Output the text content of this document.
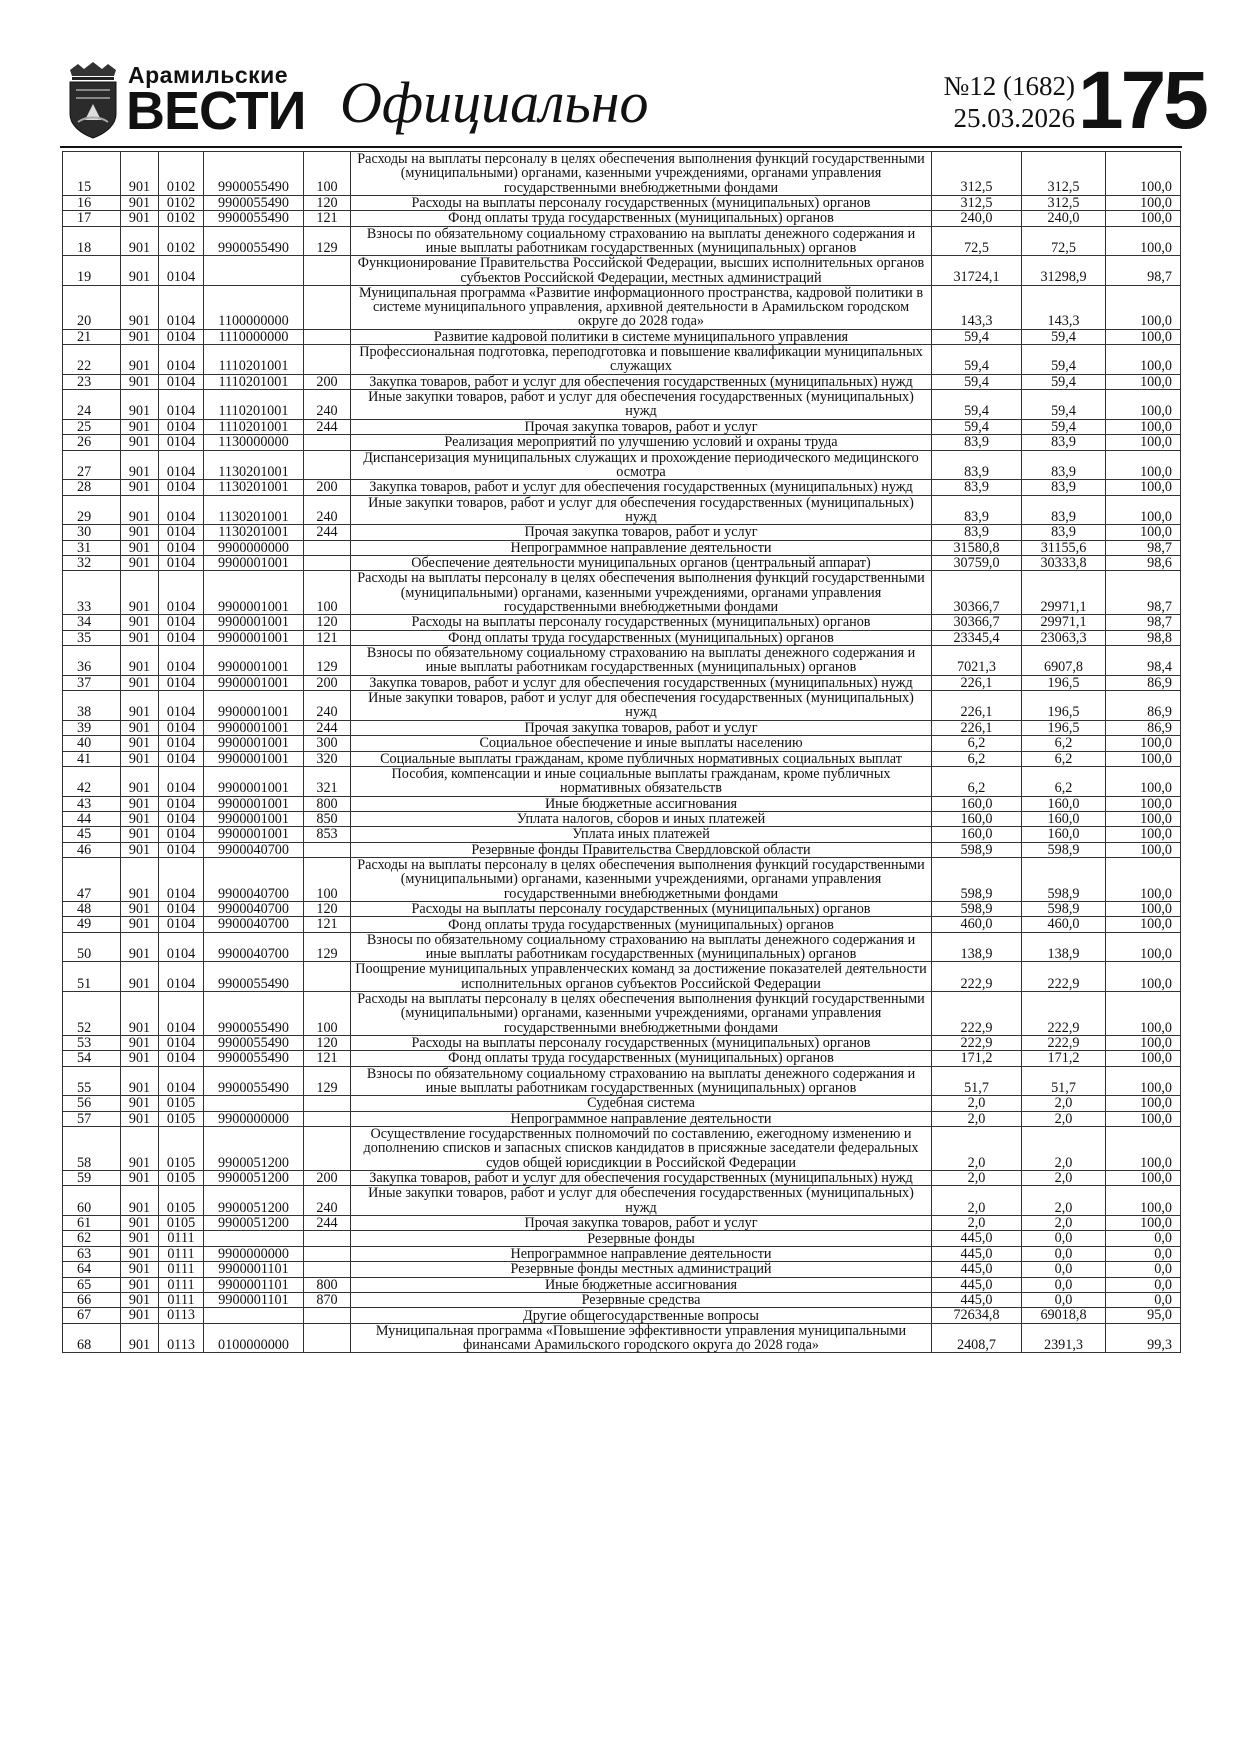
Арамильские
ВЕСТИ Официально	№12 (1682)
25.03.2026 175
15	901	0102	9900055490	100	Расходы на выплаты персоналу в целях обеспечения выполнения функций государственными (муниципальными) органами, казенными учреждениями, органами управления государственными внебюджетными фондами	312,5	312,5	100,0
16	901	0102	9900055490	120	Расходы на выплаты персоналу государственных (муниципальных) органов	312,5	312,5	100,0
17	901	0102	9900055490	121	Фонд оплаты труда государственных (муниципальных) органов	240,0	240,0	100,0
18	901	0102	9900055490	129	Взносы по обязательному социальному страхованию на выплаты денежного содержания и иные выплаты работникам государственных (муниципальных) органов	72,5	72,5	100,0
19	901	0104			Функционирование Правительства Российской Федерации, высших исполнительных органов субъектов Российской Федерации, местных администраций	31724,1	31298,9	98,7
20	901	0104	1100000000		Муниципальная программа «Развитие информационного пространства, кадровой политики в системе муниципального управления, архивной деятельности в Арамильском городском округе до 2028 года»	143,3	143,3	100,0
21	901	0104	1110000000		Развитие кадровой политики в системе муниципального управления	59,4	59,4	100,0
22	901	0104	1110201001		Профессиональная подготовка, переподготовка и повышение квалификации муниципальных служащих	59,4	59,4	100,0
23	901	0104	1110201001	200	Закупка товаров, работ и услуг для обеспечения государственных (муниципальных) нужд	59,4	59,4	100,0
24	901	0104	1110201001	240	Иные закупки товаров, работ и услуг для обеспечения государственных (муниципальных) нужд	59,4	59,4	100,0
25	901	0104	1110201001	244	Прочая закупка товаров, работ и услуг	59,4	59,4	100,0
26	901	0104	1130000000		Реализация мероприятий по улучшению условий и охраны труда	83,9	83,9	100,0
27	901	0104	1130201001		Диспансеризация муниципальных служащих и прохождение периодического медицинского осмотра	83,9	83,9	100,0
28	901	0104	1130201001	200	Закупка товаров, работ и услуг для обеспечения государственных (муниципальных) нужд	83,9	83,9	100,0
29	901	0104	1130201001	240	Иные закупки товаров, работ и услуг для обеспечения государственных (муниципальных) нужд	83,9	83,9	100,0
30	901	0104	1130201001	244	Прочая закупка товаров, работ и услуг	83,9	83,9	100,0
31	901	0104	9900000000		Непрограммное направление деятельности	31580,8	31155,6	98,7
32	901	0104	9900001001		Обеспечение деятельности муниципальных органов (центральный аппарат)	30759,0	30333,8	98,6
33	901	0104	9900001001	100	Расходы на выплаты персоналу в целях обеспечения выполнения функций государственными (муниципальными) органами, казенными учреждениями, органами управления государственными внебюджетными фондами	30366,7	29971,1	98,7
34	901	0104	9900001001	120	Расходы на выплаты персоналу государственных (муниципальных) органов	30366,7	29971,1	98,7
35	901	0104	9900001001	121	Фонд оплаты труда государственных (муниципальных) органов	23345,4	23063,3	98,8
36	901	0104	9900001001	129	Взносы по обязательному социальному страхованию на выплаты денежного содержания и иные выплаты работникам государственных (муниципальных) органов	7021,3	6907,8	98,4
37	901	0104	9900001001	200	Закупка товаров, работ и услуг для обеспечения государственных (муниципальных) нужд	226,1	196,5	86,9
38	901	0104	9900001001	240	Иные закупки товаров, работ и услуг для обеспечения государственных (муниципальных) нужд	226,1	196,5	86,9
39	901	0104	9900001001	244	Прочая закупка товаров, работ и услуг	226,1	196,5	86,9
40	901	0104	9900001001	300	Социальное обеспечение и иные выплаты населению	6,2	6,2	100,0
41	901	0104	9900001001	320	Социальные выплаты гражданам, кроме публичных нормативных социальных выплат	6,2	6,2	100,0
42	901	0104	9900001001	321	Пособия, компенсации и иные социальные выплаты гражданам, кроме публичных нормативных обязательств	6,2	6,2	100,0
43	901	0104	9900001001	800	Иные бюджетные ассигнования	160,0	160,0	100,0
44	901	0104	9900001001	850	Уплата налогов, сборов и иных платежей	160,0	160,0	100,0
45	901	0104	9900001001	853	Уплата иных платежей	160,0	160,0	100,0
46	901	0104	9900040700		Резервные фонды Правительства Свердловской области	598,9	598,9	100,0
47	901	0104	9900040700	100	Расходы на выплаты персоналу в целях обеспечения выполнения функций государственными (муниципальными) органами, казенными учреждениями, органами управления государственными внебюджетными фондами	598,9	598,9	100,0
48	901	0104	9900040700	120	Расходы на выплаты персоналу государственных (муниципальных) органов	598,9	598,9	100,0
49	901	0104	9900040700	121	Фонд оплаты труда государственных (муниципальных) органов	460,0	460,0	100,0
50	901	0104	9900040700	129	Взносы по обязательному социальному страхованию на выплаты денежного содержания и иные выплаты работникам государственных (муниципальных) органов	138,9	138,9	100,0
51	901	0104	9900055490		Поощрение муниципальных управленческих команд за достижение показателей деятельности исполнительных органов субъектов Российской Федерации	222,9	222,9	100,0
52	901	0104	9900055490	100	Расходы на выплаты персоналу в целях обеспечения выполнения функций государственными (муниципальными) органами, казенными учреждениями, органами управления государственными внебюджетными фондами	222,9	222,9	100,0
53	901	0104	9900055490	120	Расходы на выплаты персоналу государственных (муниципальных) органов	222,9	222,9	100,0
54	901	0104	9900055490	121	Фонд оплаты труда государственных (муниципальных) органов	171,2	171,2	100,0
55	901	0104	9900055490	129	Взносы по обязательному социальному страхованию на выплаты денежного содержания и иные выплаты работникам государственных (муниципальных) органов	51,7	51,7	100,0
56	901	0105			Судебная система	2,0	2,0	100,0
57	901	0105	9900000000		Непрограммное направление деятельности	2,0	2,0	100,0
58	901	0105	9900051200		Осуществление государственных полномочий по составлению, ежегодному изменению и дополнению списков и запасных списков кандидатов в присяжные заседатели федеральных судов общей юрисдикции в Российской Федерации	2,0	2,0	100,0
59	901	0105	9900051200	200	Закупка товаров, работ и услуг для обеспечения государственных (муниципальных) нужд	2,0	2,0	100,0
60	901	0105	9900051200	240	Иные закупки товаров, работ и услуг для обеспечения государственных (муниципальных) нужд	2,0	2,0	100,0
61	901	0105	9900051200	244	Прочая закупка товаров, работ и услуг	2,0	2,0	100,0
62	901	0111			Резервные фонды	445,0	0,0	0,0
63	901	0111	9900000000		Непрограммное направление деятельности	445,0	0,0	0,0
64	901	0111	9900001101		Резервные фонды местных администраций	445,0	0,0	0,0
65	901	0111	9900001101	800	Иные бюджетные ассигнования	445,0	0,0	0,0
66	901	0111	9900001101	870	Резервные средства	445,0	0,0	0,0
67	901	0113			Другие общегосударственные вопросы	72634,8	69018,8	95,0
68	901	0113	0100000000		Муниципальная программа «Повышение эффективности управления муниципальными финансами Арамильского городского округа до 2028 года»	2408,7	2391,3	99,3
